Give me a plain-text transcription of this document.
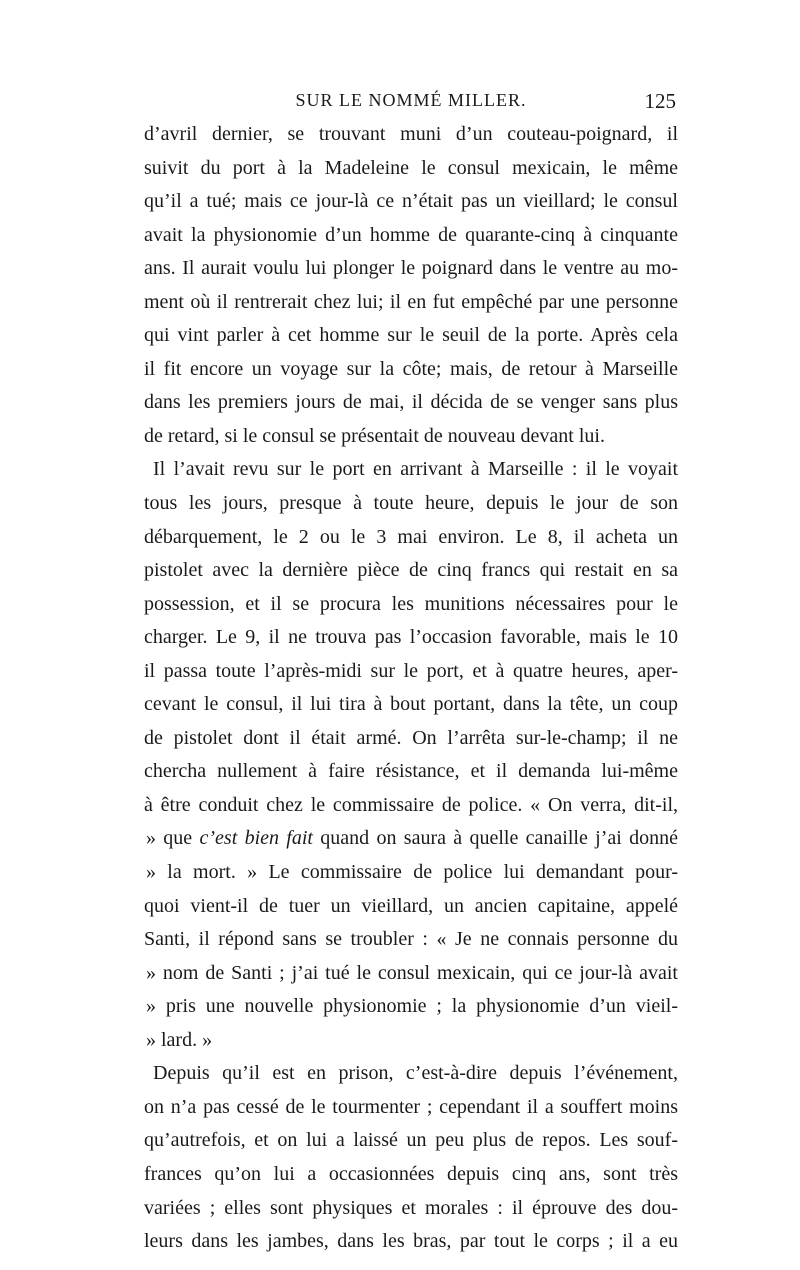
SUR LE NOMMÉ MILLER.	125
d’avril dernier, se trouvant muni d’un couteau-poignard, il
suivit du port à la Madeleine le consul mexicain, le même
qu’il a tué; mais ce jour-là ce n’était pas un vieillard; le consul
avait la physionomie d’un homme de quarante-cinq à cinquante
ans. Il aurait voulu lui plonger le poignard dans le ventre au mo-
ment où il rentrerait chez lui; il en fut empêché par une personne
qui vint parler à cet homme sur le seuil de la porte. Après cela
il fit encore un voyage sur la côte; mais, de retour à Marseille
dans les premiers jours de mai, il décida de se venger sans plus
de retard, si le consul se présentait de nouveau devant lui.
Il l’avait revu sur le port en arrivant à Marseille : il le voyait
tous les jours, presque à toute heure, depuis le jour de son
débarquement, le 2 ou le 3 mai environ. Le 8, il acheta un
pistolet avec la dernière pièce de cinq francs qui restait en sa
possession, et il se procura les munitions nécessaires pour le
charger. Le 9, il ne trouva pas l’occasion favorable, mais le 10
il passa toute l’après-midi sur le port, et à quatre heures, aper-
cevant le consul, il lui tira à bout portant, dans la tête, un coup
de pistolet dont il était armé. On l’arrêta sur-le-champ; il ne
chercha nullement à faire résistance, et il demanda lui-même
à être conduit chez le commissaire de police. « On verra, dit-il,
» que c’est bien fait quand on saura à quelle canaille j’ai donné
» la mort. » Le commissaire de police lui demandant pour-
quoi vient-il de tuer un vieillard, un ancien capitaine, appelé
Santi, il répond sans se troubler : « Je ne connais personne du
» nom de Santi ; j’ai tué le consul mexicain, qui ce jour-là avait
» pris une nouvelle physionomie ; la physionomie d’un vieil-
» lard. »
Depuis qu’il est en prison, c’est-à-dire depuis l’événement,
on n’a pas cessé de le tourmenter ; cependant il a souffert moins
qu’autrefois, et on lui a laissé un peu plus de repos. Les souf-
frances qu’on lui a occasionnées depuis cinq ans, sont très
variées ; elles sont physiques et morales : il éprouve des dou-
leurs dans les jambes, dans les bras, par tout le corps ; il a eu
